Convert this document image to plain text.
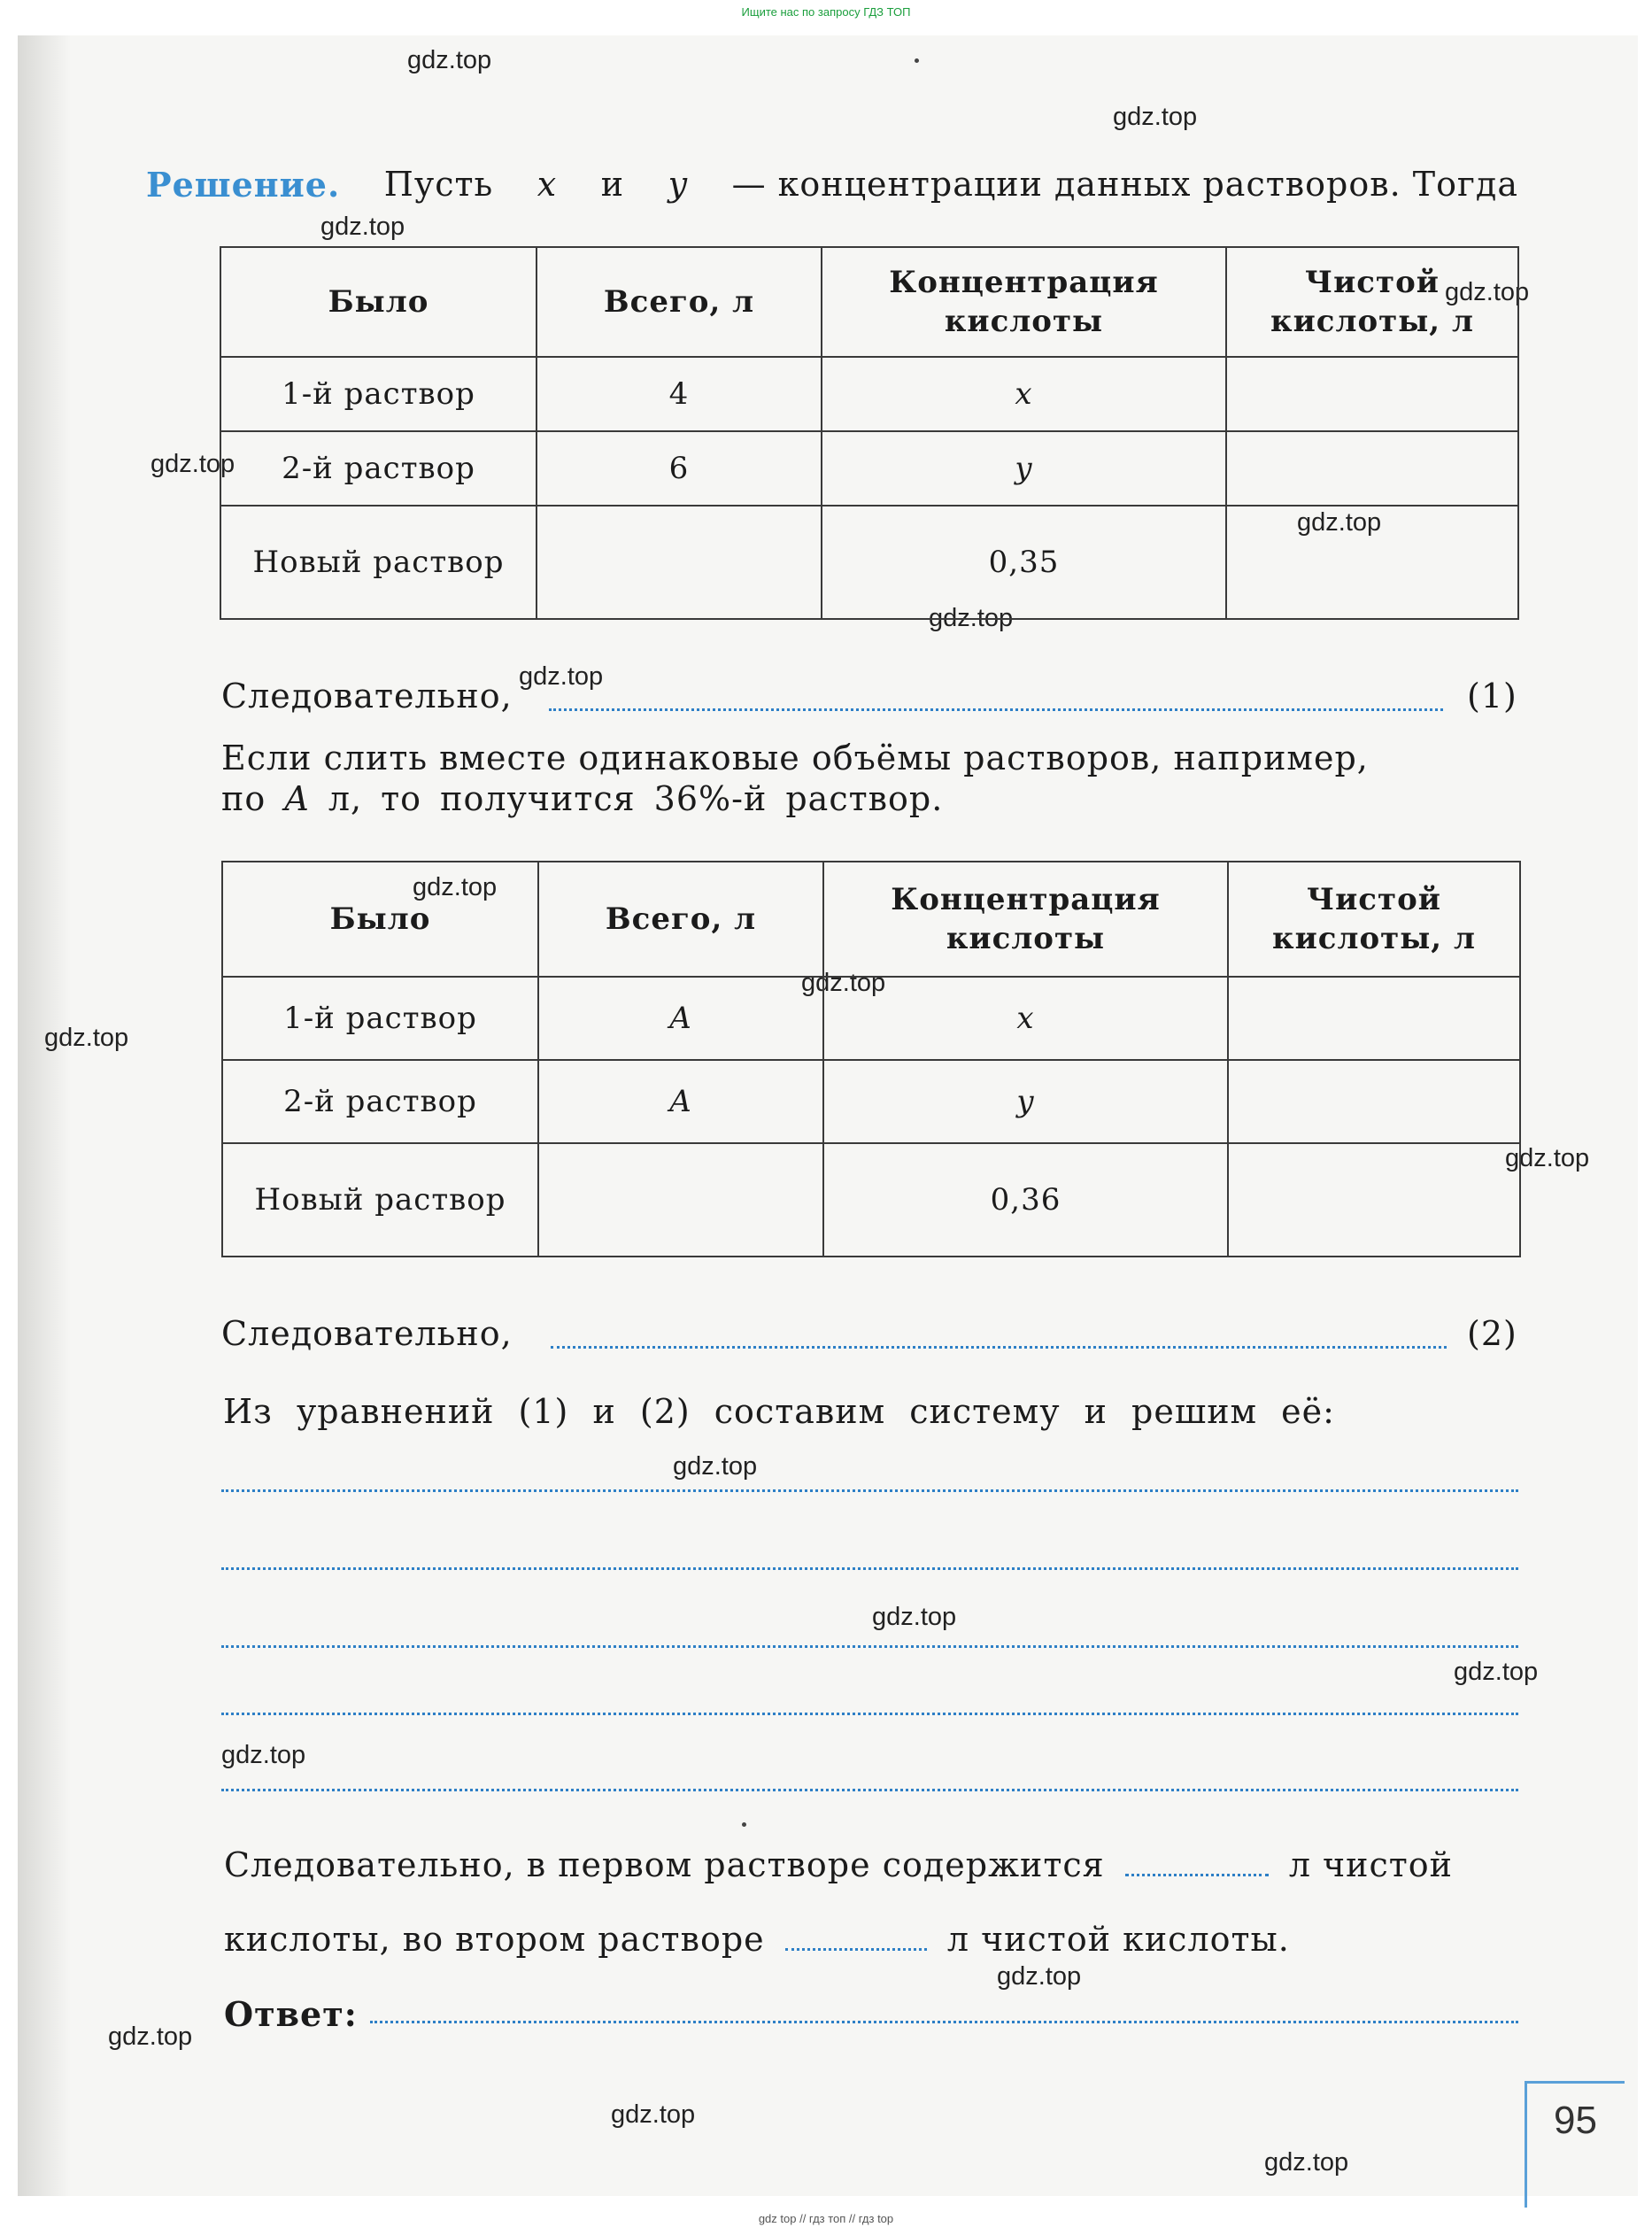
Ищите нас по запросу ГДЗ ТОП
gdz.top
gdz.top
gdz.top
gdz.top
gdz.top
gdz.top
gdz.top
gdz.top
gdz.top
gdz.top
gdz.top
gdz.top
gdz.top
gdz.top
gdz.top
gdz.top
gdz.top
gdz.top
gdz.top
gdz.top
Решение. Пусть x и y — концентрации данных растворов. Тогда
Было	Всего, л	Концентрация кислоты	Чистой кислоты, л
1-й раствор	4	x	
2-й раствор	6	y	
Новый раствор		0,35	
Следовательно,	(1)
Если слить вместе одинаковые объёмы растворов, например,
по A л, то получится 36%-й раствор.
Было	Всего, л	Концентрация кислоты	Чистой кислоты, л
1-й раствор	A	x	
2-й раствор	A	y	
Новый раствор		0,36	
Следовательно,	(2)
Из уравнений (1) и (2) составим систему и решим её:
Следовательно, в первом растворе содержится	л чистой
кислоты, во втором растворе	л чистой кислоты.
Ответ:
95
gdz top // гдз топ // гдз top
